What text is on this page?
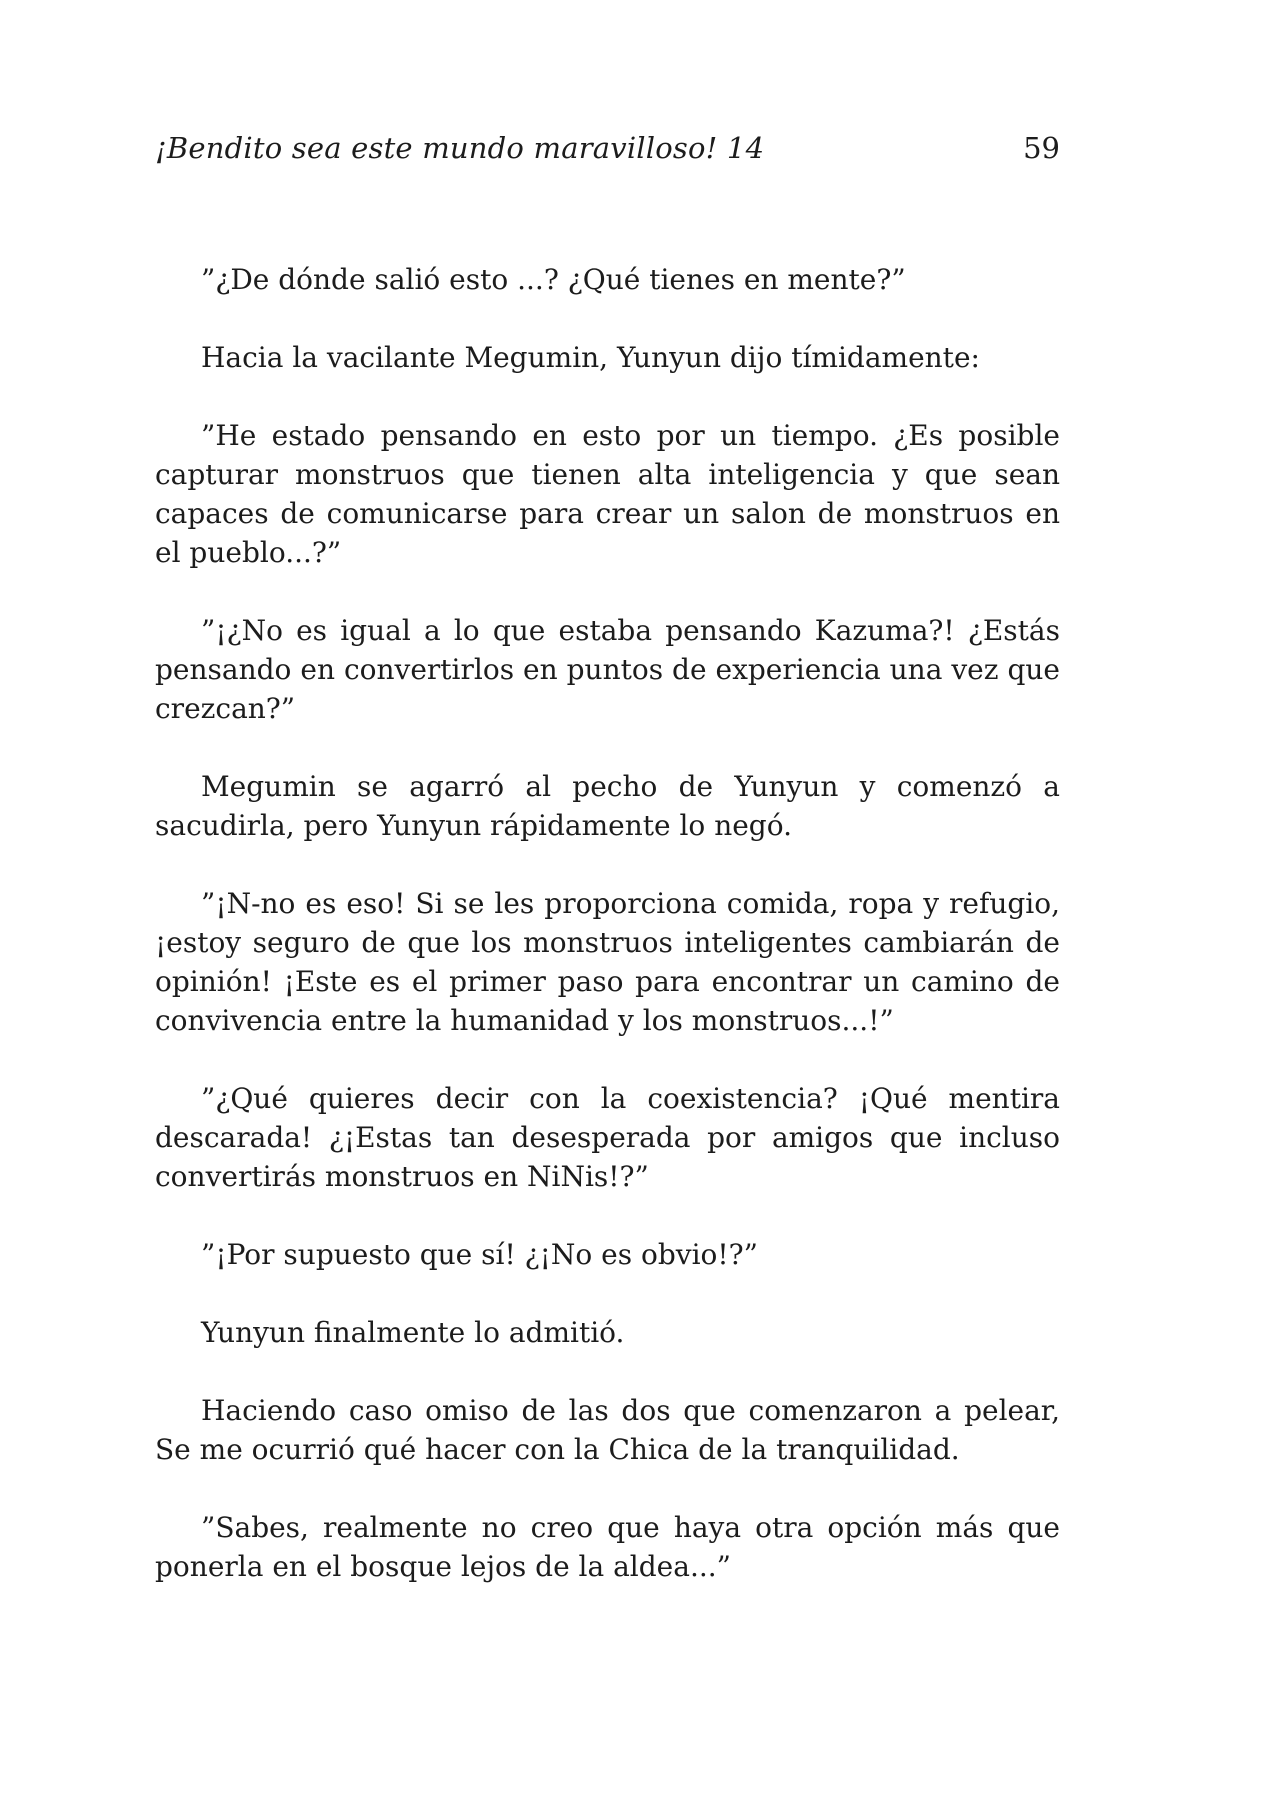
¡Bendito sea este mundo maravilloso! 14	59

”¿De dónde salió esto ...? ¿Qué tienes en mente?”

Hacia la vacilante Megumin, Yunyun dijo tímidamente:

”He estado pensando en esto por un tiempo. ¿Es posible capturar monstruos que tienen alta inteligencia y que sean capaces de comunicarse para crear un salon de monstruos en el pueblo...?”

”¡¿No es igual a lo que estaba pensando Kazuma?! ¿Estás pensando en convertirlos en puntos de experiencia una vez que crezcan?”

Megumin se agarró al pecho de Yunyun y comenzó a sacudirla, pero Yunyun rápidamente lo negó.

”¡N-no es eso! Si se les proporciona comida, ropa y refugio, ¡estoy seguro de que los monstruos inteligentes cambiarán de opinión! ¡Este es el primer paso para encontrar un camino de convivencia entre la humanidad y los monstruos...!”

”¿Qué quieres decir con la coexistencia? ¡Qué mentira descarada! ¿¡Estas tan desesperada por amigos que incluso convertirás monstruos en NiNis!?”

”¡Por supuesto que sí! ¿¡No es obvio!?”

Yunyun finalmente lo admitió.

Haciendo caso omiso de las dos que comenzaron a pelear, Se me ocurrió qué hacer con la Chica de la tranquilidad.

”Sabes, realmente no creo que haya otra opción más que ponerla en el bosque lejos de la aldea...”
